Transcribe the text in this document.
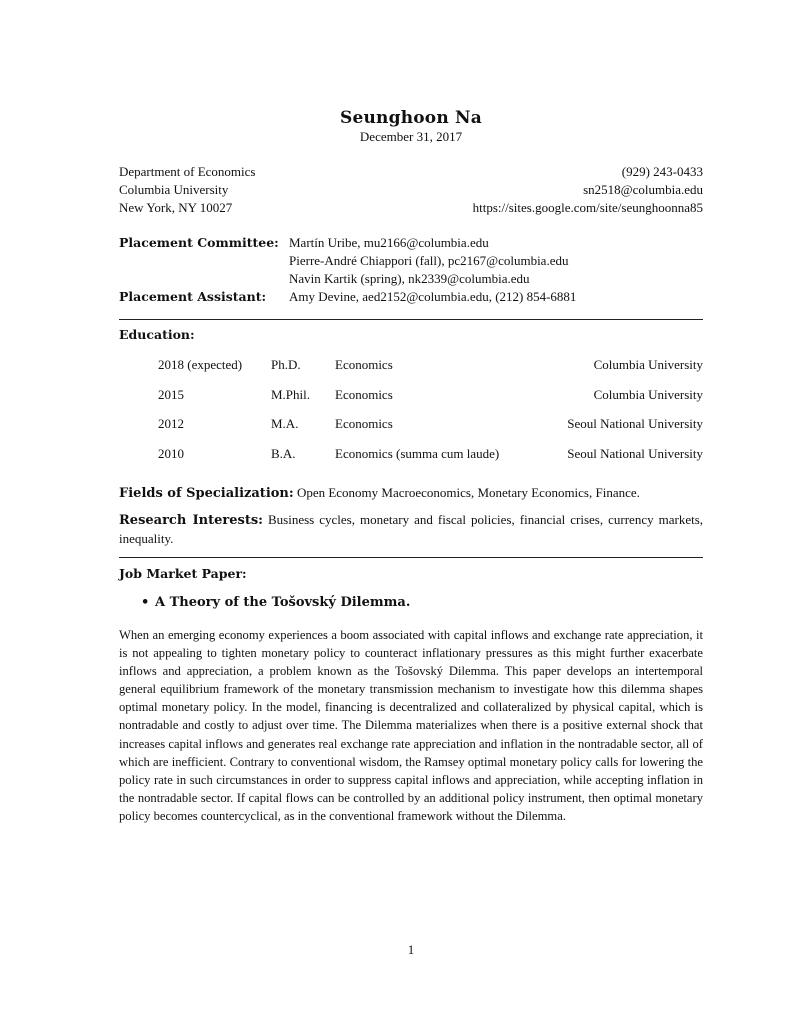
Seunghoon Na
December 31, 2017
Department of Economics
Columbia University
New York, NY 10027
(929) 243-0433
sn2518@columbia.edu
https://sites.google.com/site/seunghoonna85
Placement Committee: Martín Uribe, mu2166@columbia.edu
Pierre-André Chiappori (fall), pc2167@columbia.edu
Navin Kartik (spring), nk2339@columbia.edu
Placement Assistant:	Amy Devine, aed2152@columbia.edu, (212) 854-6881
Education:
2018 (expected)	Ph.D.	Economics	Columbia University
2015	M.Phil.	Economics	Columbia University
2012	M.A.	Economics	Seoul National University
2010	B.A.	Economics (summa cum laude)	Seoul National University
Fields of Specialization: Open Economy Macroeconomics, Monetary Economics, Finance.
Research Interests: Business cycles, monetary and fiscal policies, financial crises, currency markets, inequality.
Job Market Paper:
• A Theory of the Tošovský Dilemma.
When an emerging economy experiences a boom associated with capital inflows and exchange rate appreciation, it is not appealing to tighten monetary policy to counteract inflationary pressures as this might further exacerbate inflows and appreciation, a problem known as the Tošovský Dilemma. This paper develops an intertemporal general equilibrium framework of the monetary transmission mechanism to investigate how this dilemma shapes optimal monetary policy. In the model, financing is decentralized and collateralized by physical capital, which is nontradable and costly to adjust over time. The Dilemma materializes when there is a positive external shock that increases capital inflows and generates real exchange rate appreciation and inflation in the nontradable sector, all of which are inefficient. Contrary to conventional wisdom, the Ramsey optimal monetary policy calls for lowering the policy rate in such circumstances in order to suppress capital inflows and appreciation, while accepting inflation in the nontradable sector. If capital flows can be controlled by an additional policy instrument, then optimal monetary policy becomes countercyclical, as in the conventional framework without the Dilemma.
1
